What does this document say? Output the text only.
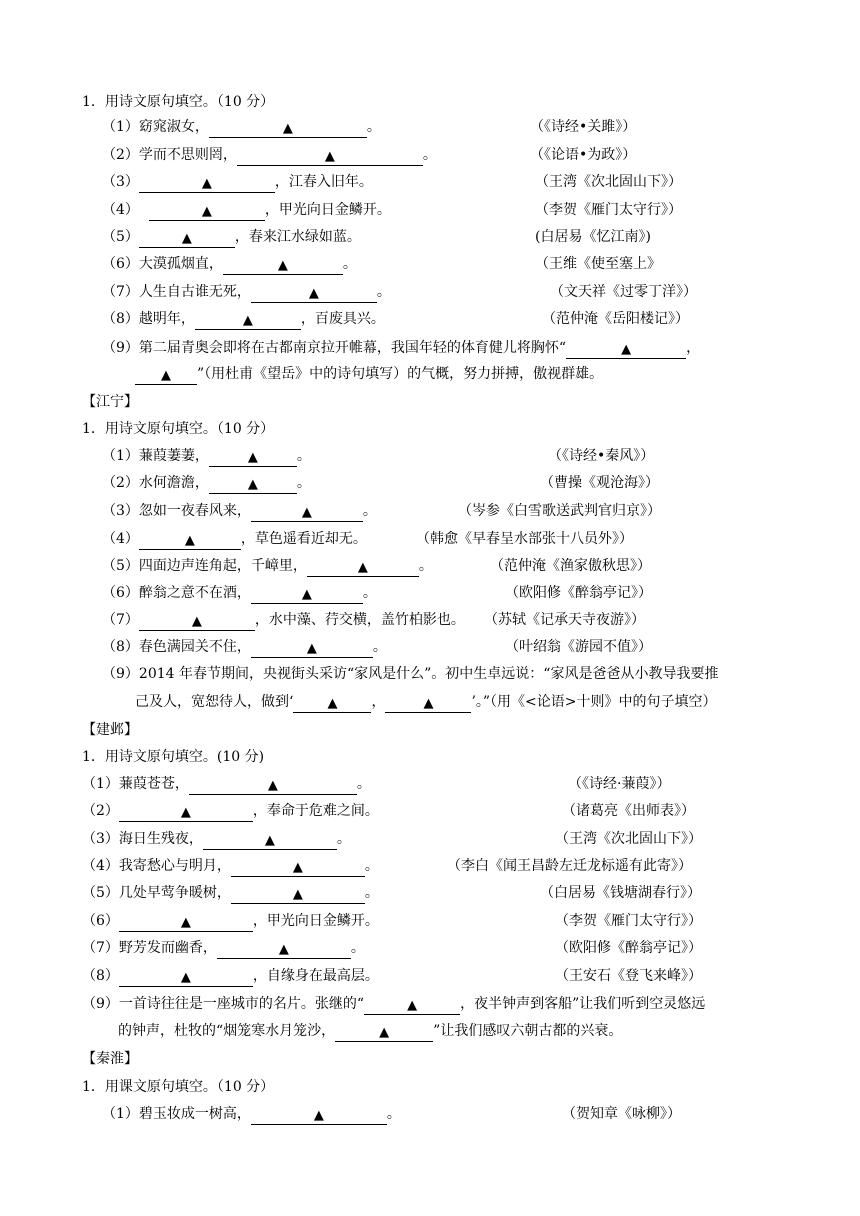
1．用诗文原句填空。（10 分）
（1）窈窕淑女，	▲	。	（《诗经•关雎》）
（2）学而不思则罔，	▲	。	（《论语•为政》）
（3）	▲	，江春入旧年。	（王湾《次北固山下》）
（4）	▲	，甲光向日金鳞开。	（李贺《雁门太守行》）
（5）	▲	，春来江水绿如蓝。	(白居易《忆江南》)
（6）大漠孤烟直，	▲	。	（王维《使至塞上》
（7）人生自古谁无死，	▲	。	（文天祥《过零丁洋》）
（8）越明年，	▲	，百废具兴。	（范仲淹《岳阳楼记》）
（9）第二届青奥会即将在古都南京拉开帷幕，我国年轻的体育健儿将胸怀“	▲	，
▲ ”（用杜甫《望岳》中的诗句填写）的气概，努力拼搏，傲视群雄。
【江宁】
1．用诗文原句填空。（10 分）
（1）蒹葭萋萋，	▲	。	（《诗经•秦风》）
（2）水何澹澹，	▲	。	（曹操《观沧海》）
（3）忽如一夜春风来，	▲	。	（岑参《白雪歌送武判官归京》）
（4）	▲	，草色遥看近却无。	（韩愈《早春呈水部张十八员外》）
（5）四面边声连角起，千嶂里，	▲	。	（范仲淹《渔家傲秋思》）
（6）醉翁之意不在酒，	▲	。	（欧阳修《醉翁亭记》）
（7）	▲	，水中藻、荇交横，盖竹柏影也。 （苏轼《记承天寺夜游》）
（8）春色满园关不住，	▲	。	（叶绍翁《游园不值》）
（9）2014 年春节期间，央视街头采访“家风是什么”。初中生卓远说：“家风是爸爸从小教导我要推
己及人，宽恕待人，做到‘	▲ ，	▲	’。”（用《<论语>十则》中的句子填空）
【建邺】
1．用诗文原句填空。(10 分)
（1）蒹葭苍苍，	▲	。	（《诗经·蒹葭》）
（2）	▲	，奉命于危难之间。	（诸葛亮《出师表》）
（3）海日生残夜，	▲	。	（王湾《次北固山下》）
（4）我寄愁心与明月，	▲	。	（李白《闻王昌龄左迁龙标遥有此寄》）
（5）几处早莺争暖树，	▲	。	（白居易《钱塘湖春行》）
（6）	▲	，甲光向日金鳞开。	（李贺《雁门太守行》）
（7）野芳发而幽香，	▲	。	（欧阳修《醉翁亭记》）
（8）	▲	，自缘身在最高层。	（王安石《登飞来峰》）
（9）一首诗往往是一座城市的名片。张继的“	▲	，夜半钟声到客船”让我们听到空灵悠远
的钟声，杜牧的“烟笼寒水月笼沙，	▲	”让我们感叹六朝古都的兴衰。
【秦淮】
1．用课文原句填空。（10 分）
（1）碧玉妆成一树高，	▲	。	（贺知章《咏柳》）
